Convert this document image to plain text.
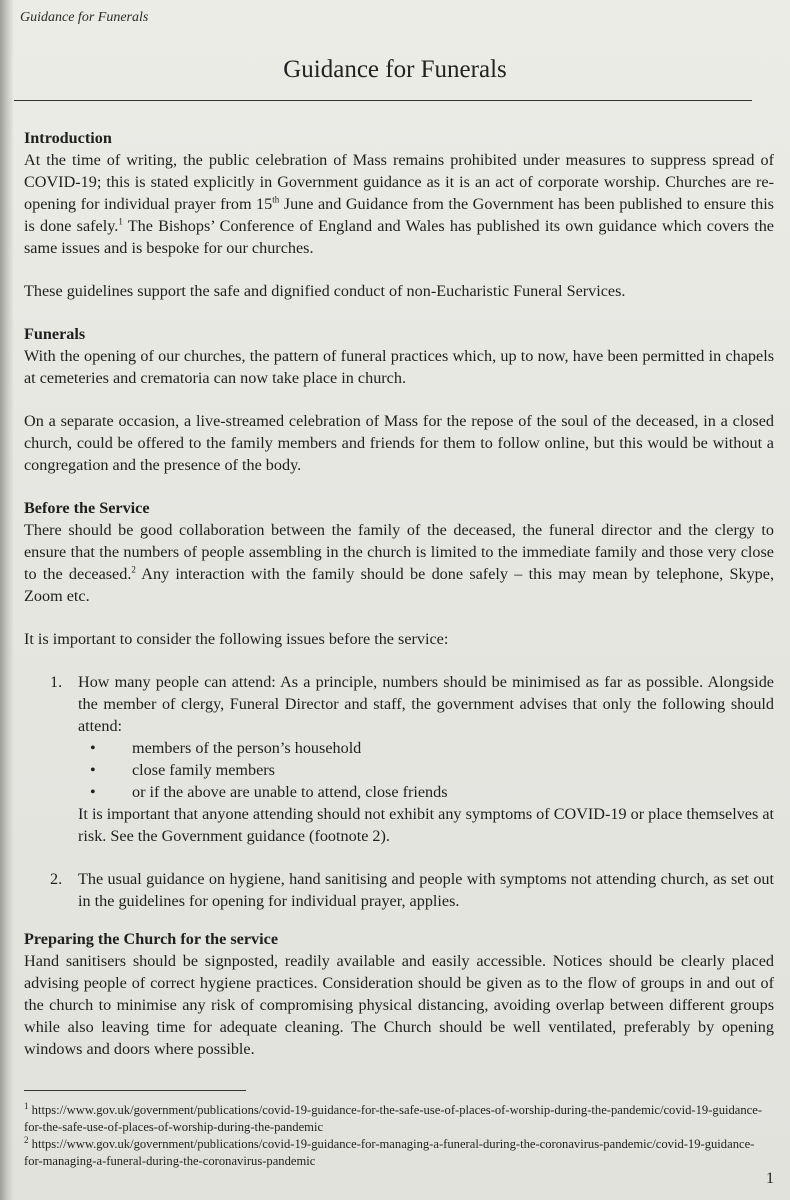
Guidance for Funerals
Guidance for Funerals
Introduction

At the time of writing, the public celebration of Mass remains prohibited under measures to suppress spread of COVID-19; this is stated explicitly in Government guidance as it is an act of corporate worship. Churches are re-opening for individual prayer from 15th June and Guidance from the Government has been published to ensure this is done safely.$^1$ The Bishops’ Conference of England and Wales has published its own guidance which covers the same issues and is bespoke for our churches.

These guidelines support the safe and dignified conduct of non-Eucharistic Funeral Services.

Funerals

With the opening of our churches, the pattern of funeral practices which, up to now, have been permitted in chapels at cemeteries and crematoria can now take place in church.

On a separate occasion, a live-streamed celebration of Mass for the repose of the soul of the deceased, in a closed church, could be offered to the family members and friends for them to follow online, but this would be without a congregation and the presence of the body.

Before the Service

There should be good collaboration between the family of the deceased, the funeral director and the clergy to ensure that the numbers of people assembling in the church is limited to the immediate family and those very close to the deceased.$^2$ Any interaction with the family should be done safely – this may mean by telephone, Skype, Zoom etc.

It is important to consider the following issues before the service:

1. How many people can attend: As a principle, numbers should be minimised as far as possible. Alongside the member of clergy, Funeral Director and staff, the government advises that only the following should attend:
• members of the person’s household
• close family members
• or if the above are unable to attend, close friends
It is important that anyone attending should not exhibit any symptoms of COVID-19 or place themselves at risk. See the Government guidance (footnote 2).
2. The usual guidance on hygiene, hand sanitising and people with symptoms not attending church, as set out in the guidelines for opening for individual prayer, applies.
Preparing the Church for the service

Hand sanitisers should be signposted, readily available and easily accessible. Notices should be clearly placed advising people of correct hygiene practices. Consideration should be given as to the flow of groups in and out of the church to minimise any risk of compromising physical distancing, avoiding overlap between different groups while also leaving time for adequate cleaning. The Church should be well ventilated, preferably by opening windows and doors where possible.

$^1$ https://www.gov.uk/government/publications/covid-19-guidance-for-the-safe-use-of-places-of-worship-during-the-pandemic/covid-19-guidance-for-the-safe-use-of-places-of-worship-during-the-pandemic
$^2$ https://www.gov.uk/government/publications/covid-19-guidance-for-managing-a-funeral-during-the-coronavirus-pandemic/covid-19-guidance-for-managing-a-funeral-during-the-coronavirus-pandemic
1
